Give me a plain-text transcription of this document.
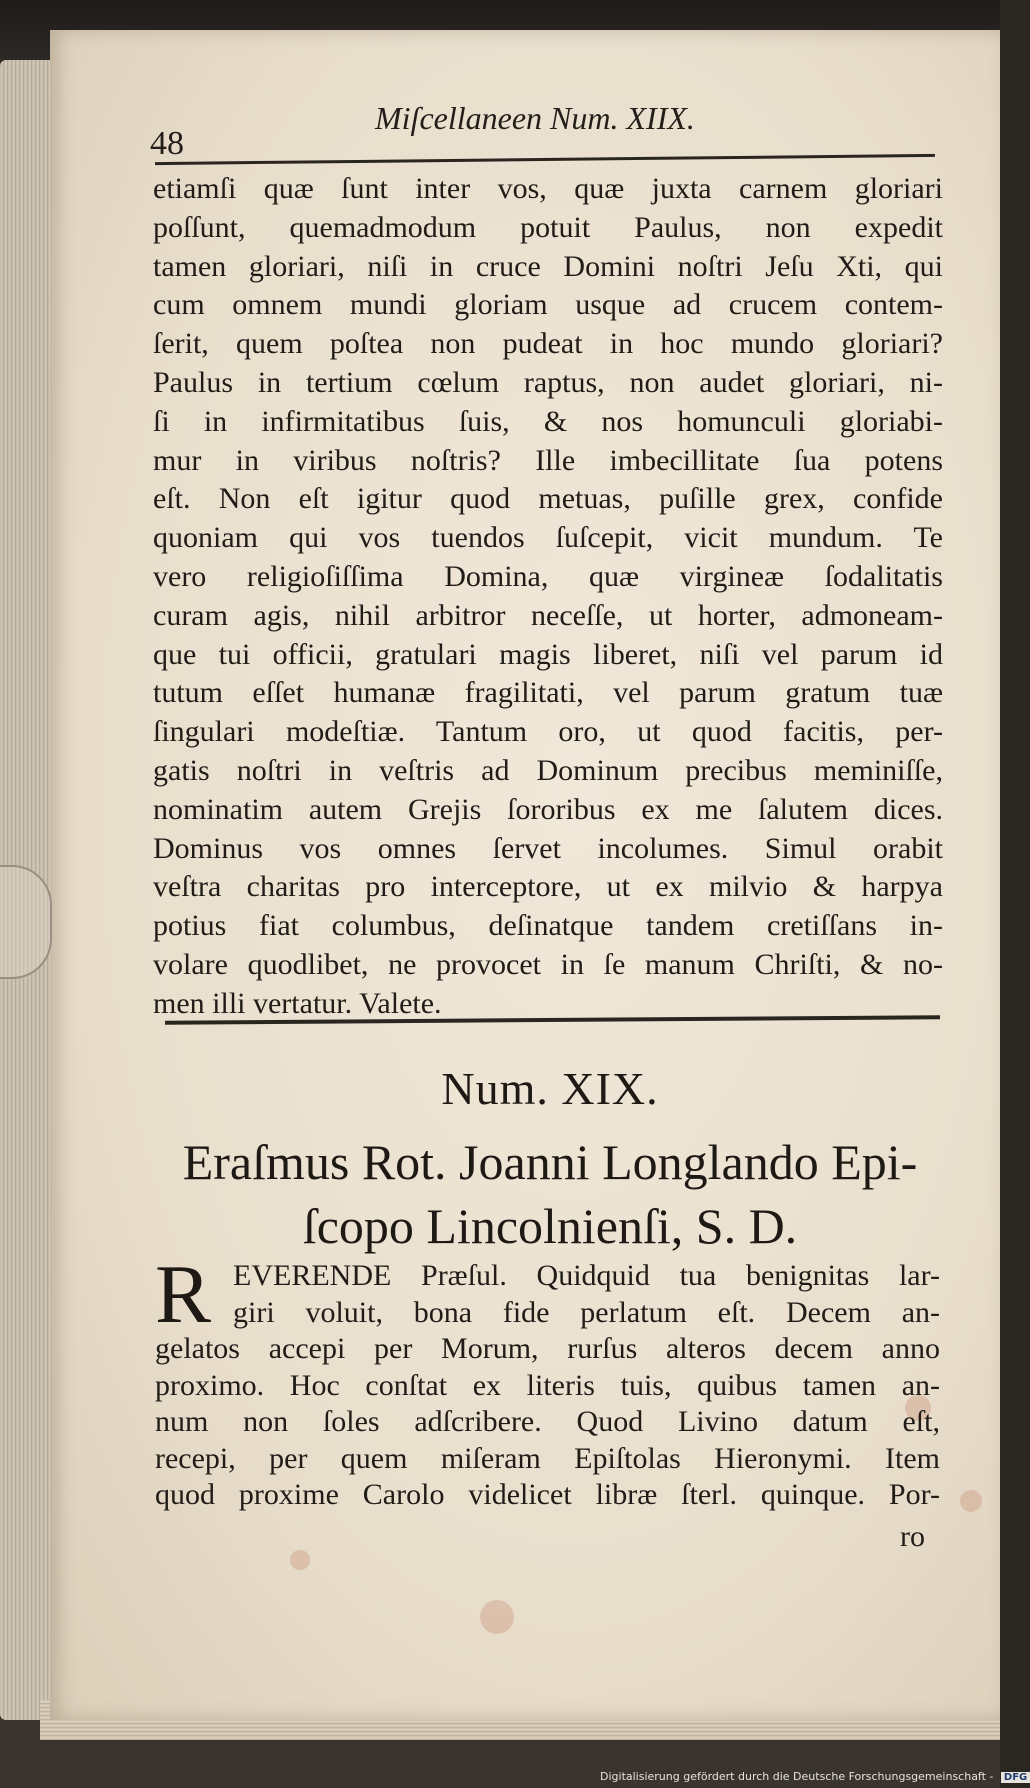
48
Miſcellaneen Num. XIIX.
etiamſi quæ ſunt inter vos, quæ juxta carnem gloriari
poſſunt, quemadmodum potuit Paulus, non expedit
tamen gloriari, niſi in cruce Domini noſtri Jeſu Xti, qui
cum omnem mundi gloriam usque ad crucem contem-
ſerit, quem poſtea non pudeat in hoc mundo gloriari?
Paulus in tertium cœlum raptus, non audet gloriari, ni-
ſi in infirmitatibus ſuis, & nos homunculi gloriabi-
mur in viribus noſtris? Ille imbecillitate ſua potens
eſt. Non eſt igitur quod metuas, puſille grex, confide
quoniam qui vos tuendos ſuſcepit, vicit mundum. Te
vero religioſiſſima Domina, quæ virgineæ ſodalitatis
curam agis, nihil arbitror neceſſe, ut horter, admoneam-
que tui officii, gratulari magis liberet, niſi vel parum id
tutum eſſet humanæ fragilitati, vel parum gratum tuæ
ſingulari modeſtiæ. Tantum oro, ut quod facitis, per-
gatis noſtri in veſtris ad Dominum precibus meminiſſe,
nominatim autem Grejis ſororibus ex me ſalutem dices.
Dominus vos omnes ſervet incolumes. Simul orabit
veſtra charitas pro interceptore, ut ex milvio & harpya
potius fiat columbus, deſinatque tandem cretiſſans in-
volare quodlibet, ne provocet in ſe manum Chriſti, & no-
men illi vertatur. Valete.
Num. XIX.
Eraſmus Rot. Joanni Longlando Epi-
ſcopo Lincolnienſi, S. D.
R EVERENDE Præſul. Quidquid tua benignitas lar-
giri voluit, bona fide perlatum eſt. Decem an-
gelatos accepi per Morum, rurſus alteros decem anno
proximo. Hoc conſtat ex literis tuis, quibus tamen an-
num non ſoles adſcribere. Quod Livino datum eſt,
recepi, per quem miſeram Epiſtolas Hieronymi. Item
quod proxime Carolo videlicet libræ ſterl. quinque. Por-
ro
Digitalisierung gefördert durch die Deutsche Forschungsgemeinschaft - DFG
